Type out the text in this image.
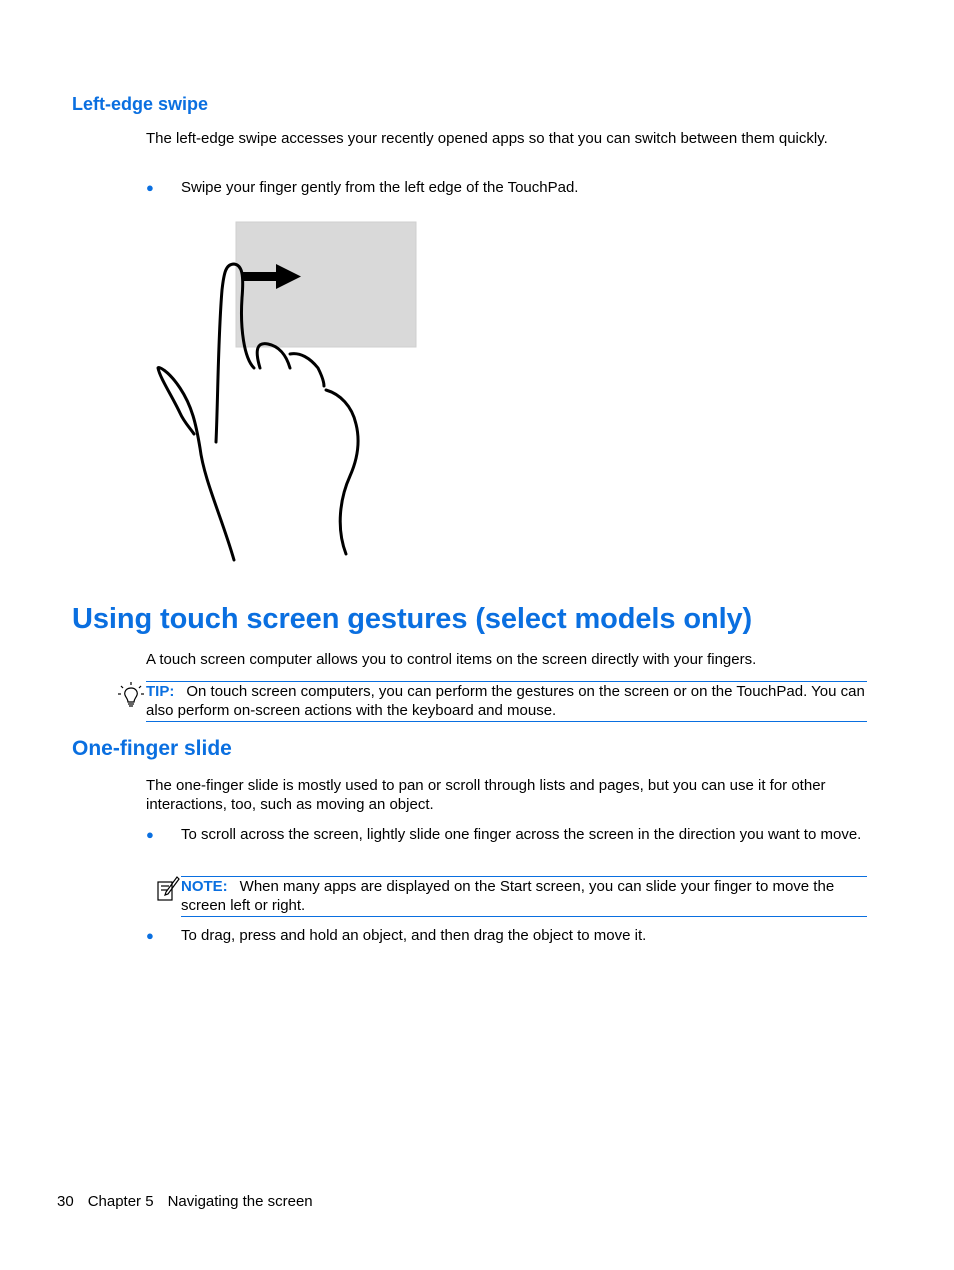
Left-edge swipe

The left-edge swipe accesses your recently opened apps so that you can switch between them quickly.

● Swipe your finger gently from the left edge of the TouchPad.
Using touch screen gestures (select models only)

A touch screen computer allows you to control items on the screen directly with your fingers.

TIP: On touch screen computers, you can perform the gestures on the screen or on the TouchPad. You can also perform on-screen actions with the keyboard and mouse.
One-finger slide

The one-finger slide is mostly used to pan or scroll through lists and pages, but you can use it for other interactions, too, such as moving an object.

● To scroll across the screen, lightly slide one finger across the screen in the direction you want to move.
NOTE: When many apps are displayed on the Start screen, you can slide your finger to move the screen left or right.
● To drag, press and hold an object, and then drag the object to move it.
30 Chapter 5 Navigating the screen
